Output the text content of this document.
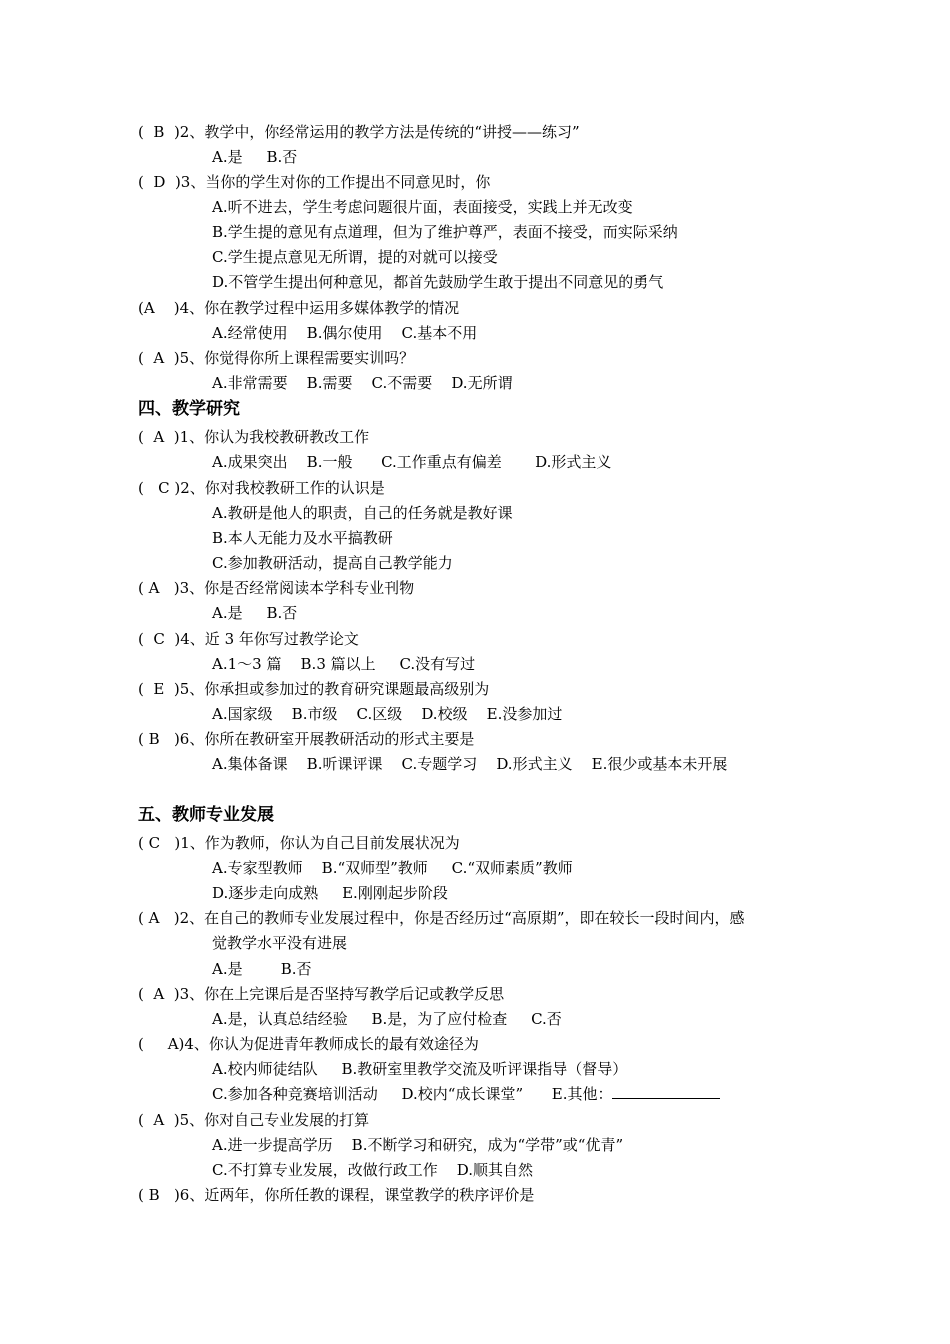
(  B  )2、教学中，你经常运用的教学方法是传统的“讲授——练习”
A.是     B.否
(  D  )3、当你的学生对你的工作提出不同意见时，你
A.听不进去，学生考虑问题很片面，表面接受，实践上并无改变
B.学生提的意见有点道理，但为了维护尊严，表面不接受，而实际采纳
C.学生提点意见无所谓，提的对就可以接受
D.不管学生提出何种意见，都首先鼓励学生敢于提出不同意见的勇气
(A    )4、你在教学过程中运用多媒体教学的情况
A.经常使用    B.偶尔使用    C.基本不用
(  A  )5、你觉得你所上课程需要实训吗？
A.非常需要    B.需要    C.不需要    D.无所谓
四、教学研究
(  A  )1、你认为我校教研教改工作
A.成果突出    B.一般      C.工作重点有偏差       D.形式主义
(   C )2、你对我校教研工作的认识是
A.教研是他人的职责，自己的任务就是教好课
B.本人无能力及水平搞教研
C.参加教研活动，提高自己教学能力
( A   )3、你是否经常阅读本学科专业刊物
A.是     B.否
(  C  )4、近 3 年你写过教学论文
A.1～3 篇    B.3 篇以上     C.没有写过
(  E  )5、你承担或参加过的教育研究课题最高级别为
A.国家级    B.市级    C.区级    D.校级    E.没参加过
( B   )6、你所在教研室开展教研活动的形式主要是
A.集体备课    B.听课评课    C.专题学习    D.形式主义    E.很少或基本未开展
五、教师专业发展
( C   )1、作为教师，你认为自己目前发展状况为
A.专家型教师    B.“双师型”教师     C.“双师素质”教师
D.逐步走向成熟     E.刚刚起步阶段
( A   )2、在自己的教师专业发展过程中，你是否经历过“高原期”，即在较长一段时间内，感
觉教学水平没有进展
A.是        B.否
(  A  )3、你在上完课后是否坚持写教学后记或教学反思
A.是，认真总结经验     B.是，为了应付检查     C.否
(     A)4、你认为促进青年教师成长的最有效途径为
A.校内师徒结队     B.教研室里教学交流及听评课指导（督导）
C.参加各种竞赛培训活动     D.校内“成长课堂”      E.其他：
(  A  )5、你对自己专业发展的打算
A.进一步提高学历    B.不断学习和研究，成为“学带”或“优青”
C.不打算专业发展，改做行政工作    D.顺其自然
( B   )6、近两年，你所任教的课程，课堂教学的秩序评价是
